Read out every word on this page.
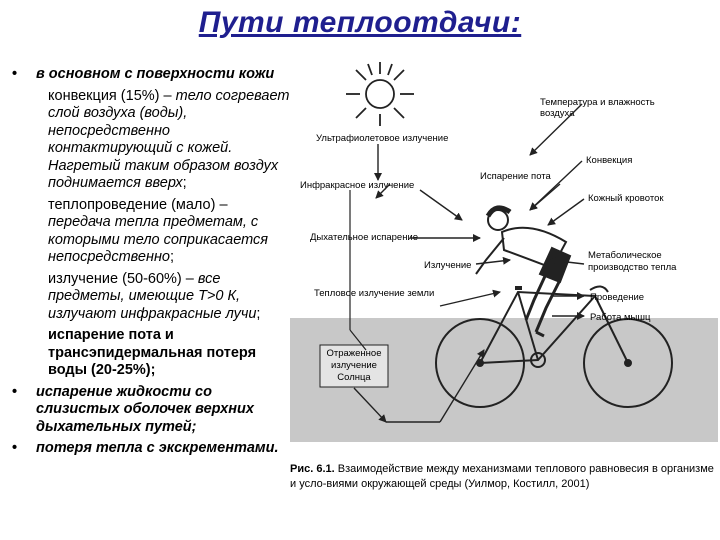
Пути теплоотдачи:
• в основном с поверхности кожи
конвекция (15%) – тело согревает слой воздуха (воды), непосредственно контактирующий с кожей. Нагретый таким образом воздух поднимается вверх;
теплопроведение (мало) – передача тепла предметам, с которыми тело соприкасается непосредственно;
излучение (50-60%) – все предметы, имеющие Т>0 К, излучают инфракрасные лучи;
испарение пота и трансэпидермальная потеря воды (20-25%);
• испарение жидкости со слизистых оболочек верхних дыхательных путей;
• потеря тепла с экскрементами.
Температура и влажность
воздуха
Ультрафиолетовое излучение
Конвекция
Испарение пота
Инфракрасное излучение
Кожный кровоток
Дыхательное испарение
Метаболическое
производство тепла
Излучение
Тепловое излучение земли	Проведение
Работа мышц
Отраженное
излучение
Солнца
Рис. 6.1. Взаимодействие между механизмами теплового равновесия в организме и усло-виями окружающей среды (Уилмор, Костилл, 2001)
